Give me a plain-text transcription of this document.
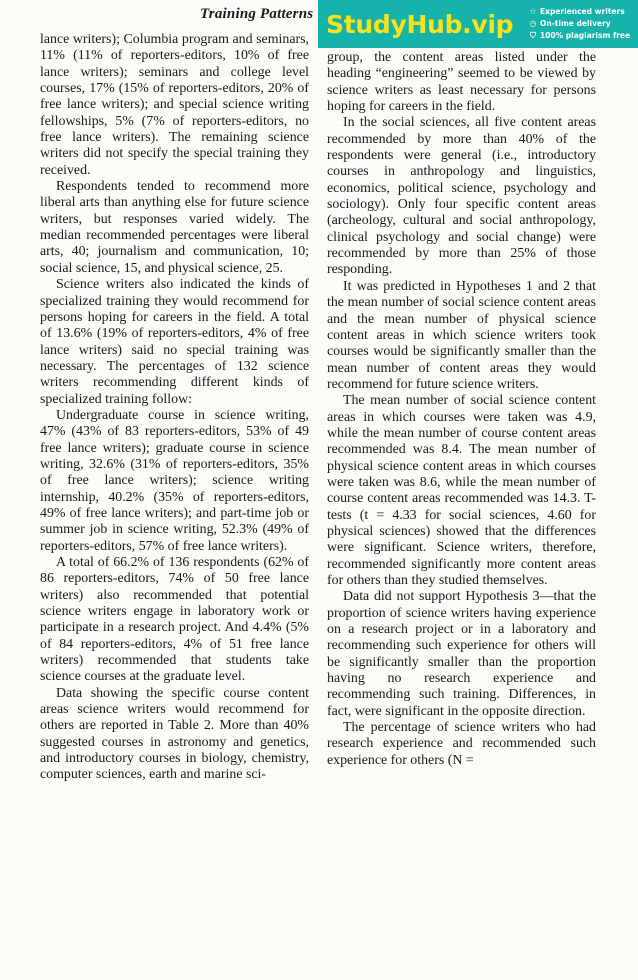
Training Patterns StudyHub.vip ☆ Experienced writers
◷ On-time delivery
⛉ 100% plagiarism free

lance writers); Columbia program and seminars, 11% (11% of reporters-editors, 10% of free lance writers); seminars and college level courses, 17% (15% of reporters-editors, 20% of free lance writers); and special science writing fellowships, 5% (7% of reporters-editors, no free lance writers). The remaining science writers did not specify the special training they received.

Respondents tended to recommend more liberal arts than anything else for future science writers, but responses varied widely. The median recommended percentages were liberal arts, 40; journalism and communication, 10; social science, 15, and physical science, 25.

Science writers also indicated the kinds of specialized training they would recommend for persons hoping for careers in the field. A total of 13.6% (19% of reporters-editors, 4% of free lance writers) said no special training was necessary. The percentages of 132 science writers recommending different kinds of specialized training follow:

Undergraduate course in science writing, 47% (43% of 83 reporters-editors, 53% of 49 free lance writers); graduate course in science writing, 32.6% (31% of reporters-editors, 35% of free lance writers); science writing internship, 40.2% (35% of reporters-editors, 49% of free lance writers); and part-time job or summer job in science writing, 52.3% (49% of reporters-editors, 57% of free lance writers).

A total of 66.2% of 136 respondents (62% of 86 reporters-editors, 74% of 50 free lance writers) also recommended that potential science writers engage in laboratory work or participate in a research project. And 4.4% (5% of 84 reporters-editors, 4% of 51 free lance writers) recommended that students take science courses at the graduate level.

Data showing the specific course content areas science writers would recommend for others are reported in Table 2. More than 40% suggested courses in astronomy and genetics, and introductory courses in biology, chemistry, computer sciences, earth and marine sci-

group, the content areas listed under the heading “engineering” seemed to be viewed by science writers as least necessary for persons hoping for careers in the field.

In the social sciences, all five content areas recommended by more than 40% of the respondents were general (i.e., introductory courses in anthropology and linguistics, economics, political science, psychology and sociology). Only four specific content areas (archeology, cultural and social anthropology, clinical psychology and social change) were recommended by more than 25% of those responding.

It was predicted in Hypotheses 1 and 2 that the mean number of social science content areas and the mean number of physical science content areas in which science writers took courses would be significantly smaller than the mean number of content areas they would recommend for future science writers.

The mean number of social science content areas in which courses were taken was 4.9, while the mean number of course content areas recommended was 8.4. The mean number of physical science content areas in which courses were taken was 8.6, while the mean number of course content areas recommended was 14.3. T-tests (t = 4.33 for social sciences, 4.60 for physical sciences) showed that the differences were significant. Science writers, therefore, recommended significantly more content areas for others than they studied themselves.

Data did not support Hypothesis 3—that the proportion of science writers having experience on a research project or in a laboratory and recommending such experience for others will be significantly smaller than the proportion having no research experience and recommending such training. Differences, in fact, were significant in the opposite direction.

The percentage of science writers who had research experience and recommended such experience for others (N =
